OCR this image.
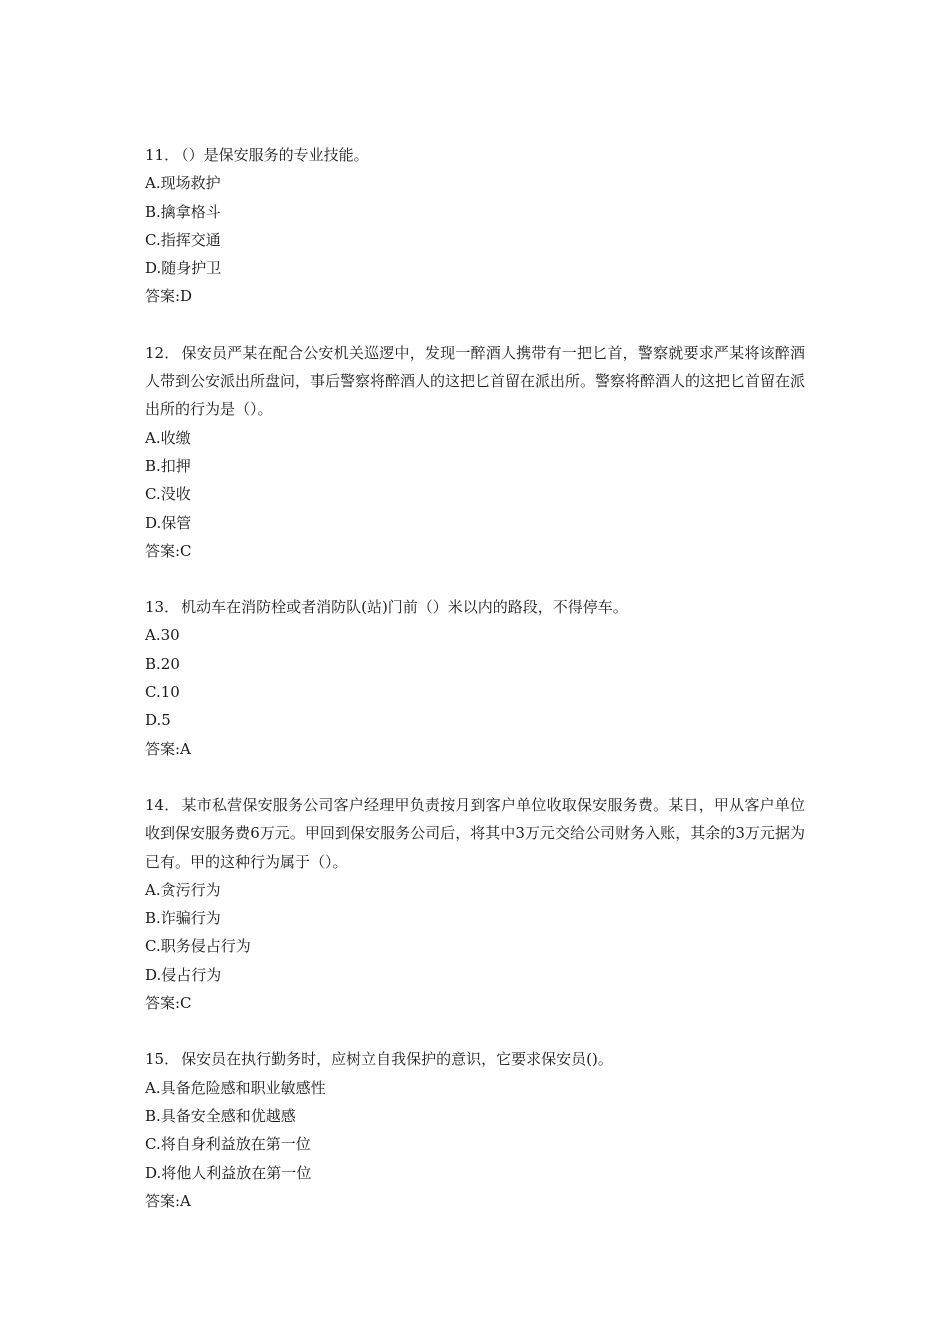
11． （）是保安服务的专业技能。
A.现场救护
B.擒拿格斗
C.指挥交通
D.随身护卫
答案:D
12． 保安员严某在配合公安机关巡逻中，发现一醉酒人携带有一把匕首，警察就要求严某将该醉酒人带到公安派出所盘问，事后警察将醉酒人的这把匕首留在派出所。警察将醉酒人的这把匕首留在派出所的行为是（）。
A.收缴
B.扣押
C.没收
D.保管
答案:C
13． 机动车在消防栓或者消防队(站)门前（）米以内的路段，不得停车。
A.30
B.20
C.10
D.5
答案:A
14． 某市私营保安服务公司客户经理甲负责按月到客户单位收取保安服务费。某日，甲从客户单位收到保安服务费6万元。甲回到保安服务公司后，将其中3万元交给公司财务入账，其余的3万元据为已有。甲的这种行为属于（）。
A.贪污行为
B.诈骗行为
C.职务侵占行为
D.侵占行为
答案:C
15． 保安员在执行勤务时，应树立自我保护的意识，它要求保安员()。
A.具备危险感和职业敏感性
B.具备安全感和优越感
C.将自身利益放在第一位
D.将他人利益放在第一位
答案:A
